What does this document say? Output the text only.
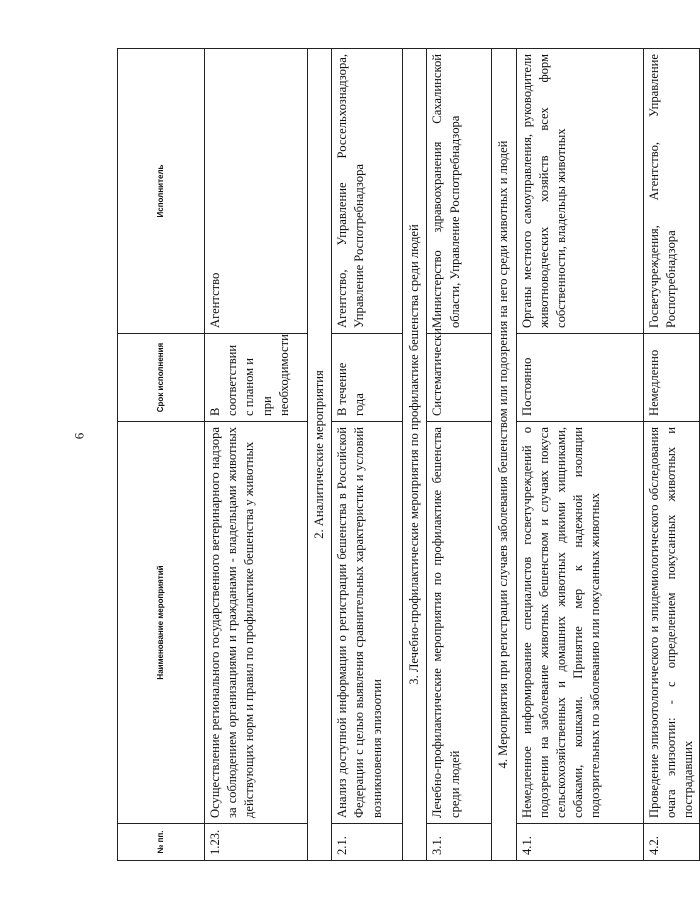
6
№ пп.	Наименование мероприятий	Срок исполнения	Исполнитель
1.23.	Осуществление регионального государственного ветеринарного надзора за соблюдением организациями и гражданами - владельцами животных действующих норм и правил по профилактике бешенства у животных	В соответствии с планом и при необходимости	Агентство
2. Аналитические мероприятия			
2.1.	Анализ доступной информации о регистрации бешенства в Российской Федерации с целью выявления сравнительных характеристик и условий возникновения эпизоотии	В течение года	Агентство, Управление Россельхознадзора, Управление Роспотребнадзора
3. Лечебно-профилактические мероприятия по профилактике бешенства среди людей			
3.1.	Лечебно-профилактические мероприятия по профилактике бешенства среди людей	Систематически	Министерство здравоохранения Сахалинской области, Управление Роспотребнадзора
4. Мероприятия при регистрации случаев заболевания бешенством или подозрения на него среди животных и людей			
4.1.	Немедленное информирование специалистов госветучреждений о подозрении на заболевание животных бешенством и случаях покуса сельскохозяйственных и домашних животных дикими хищниками, собаками, кошками. Принятие мер к надежной изоляции подозрительных по заболеванию или покусанных животных	Постоянно	Органы местного самоуправления, руководители животноводческих хозяйств всех форм собственности, владельцы животных
4.2.	Проведение эпизоотологического и эпидемиологического обследования очага эпизоотии: - с определением покусанных животных и пострадавших	Немедленно	Госветучреждения, Агентство, Управление Роспотребнадзора
